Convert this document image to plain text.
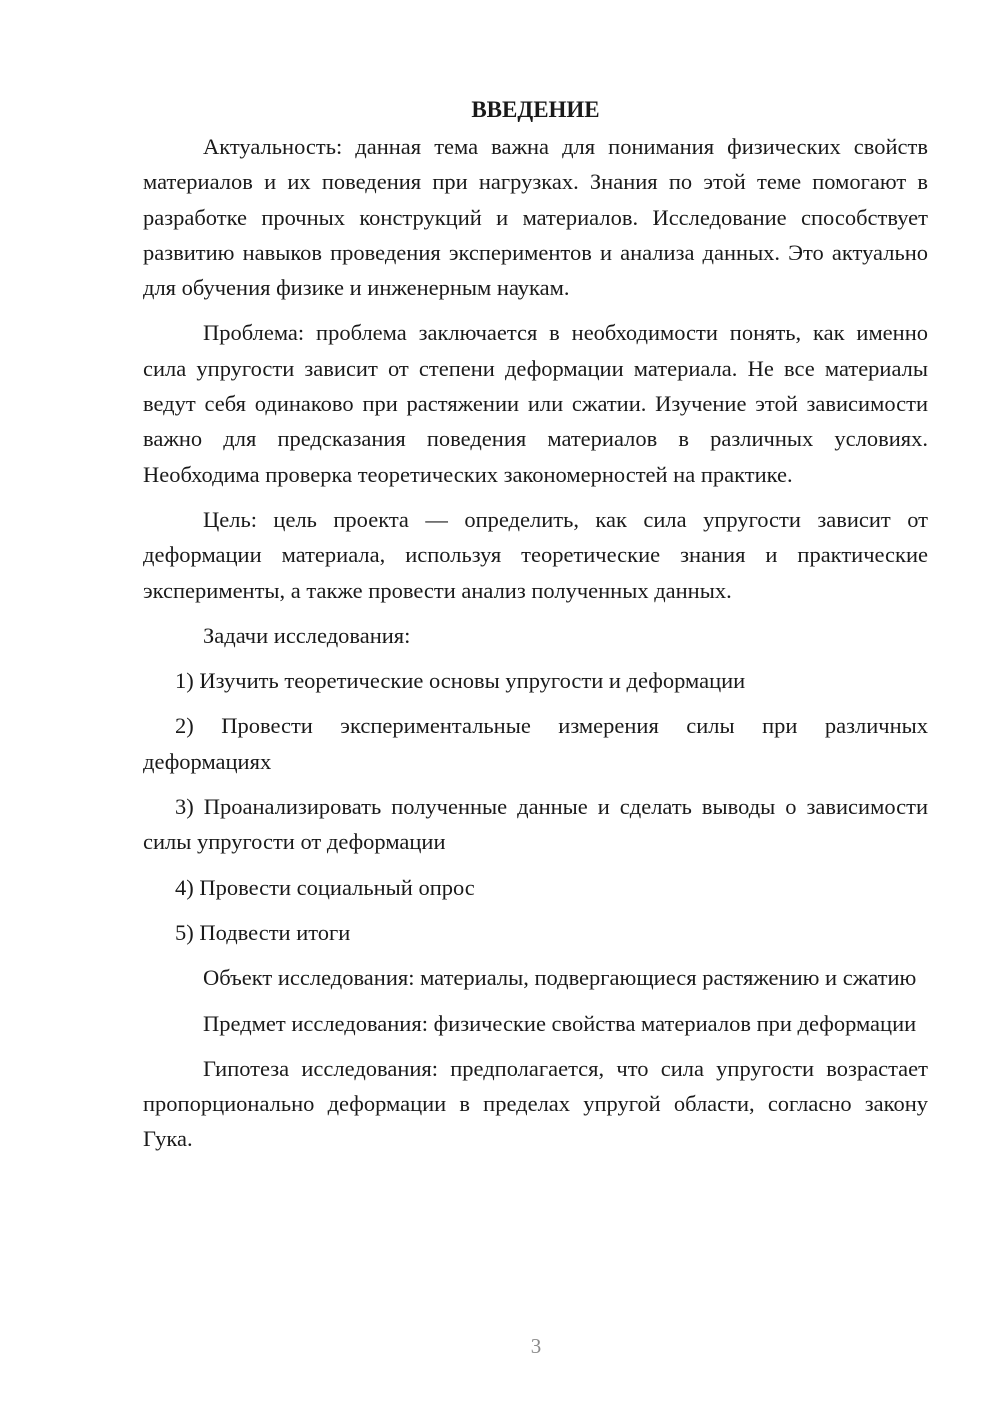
ВВЕДЕНИЕ

Актуальность: данная тема важна для понимания физических свойств материалов и их поведения при нагрузках. Знания по этой теме помогают в разработке прочных конструкций и материалов. Исследование способствует развитию навыков проведения экспериментов и анализа данных. Это актуально для обучения физике и инженерным наукам.

Проблема: проблема заключается в необходимости понять, как именно сила упругости зависит от степени деформации материала. Не все материалы ведут себя одинаково при растяжении или сжатии. Изучение этой зависимости важно для предсказания поведения материалов в различных условиях. Необходима проверка теоретических закономерностей на практике.

Цель: цель проекта — определить, как сила упругости зависит от деформации материала, используя теоретические знания и практические эксперименты, а также провести анализ полученных данных.

Задачи исследования:

1) Изучить теоретические основы упругости и деформации

2) Провести экспериментальные измерения силы при различных деформациях

3) Проанализировать полученные данные и сделать выводы о зависимости силы упругости от деформации

4) Провести социальный опрос

5) Подвести итоги

Объект исследования: материалы, подвергающиеся растяжению и сжатию

Предмет исследования: физические свойства материалов при деформации

Гипотеза исследования: предполагается, что сила упругости возрастает пропорционально деформации в пределах упругой области, согласно закону Гука.

3
